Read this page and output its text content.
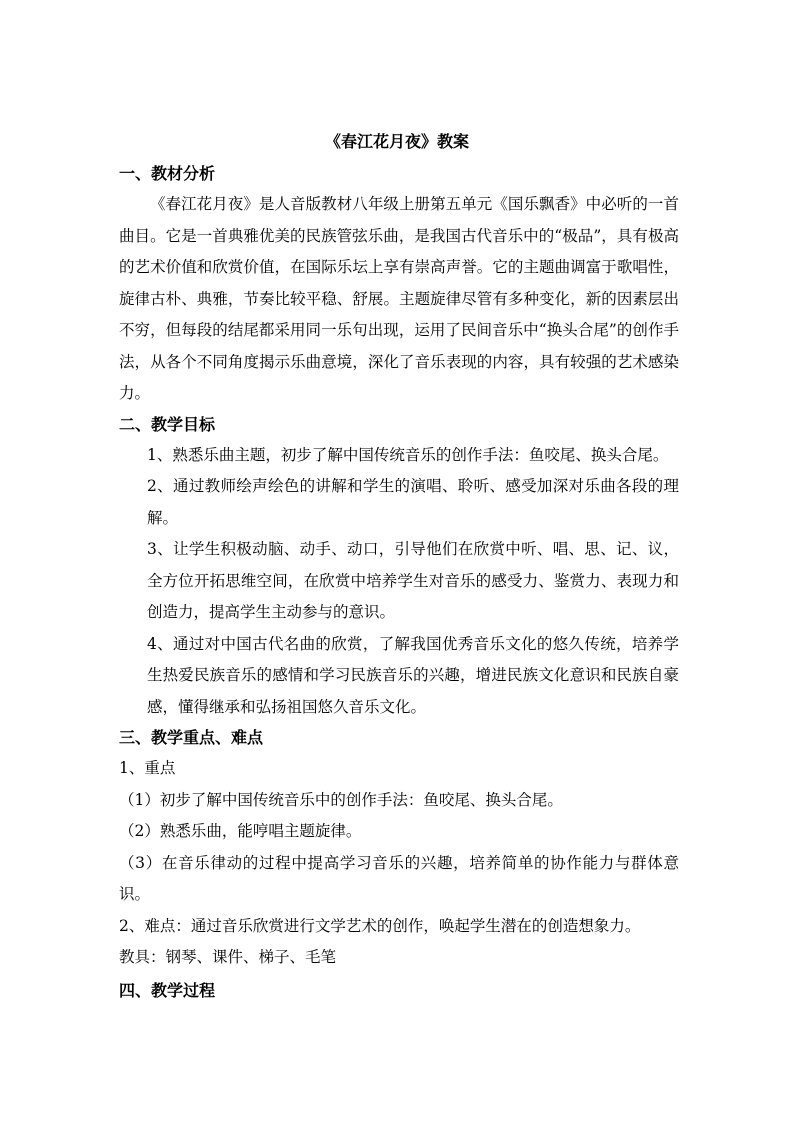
《春江花月夜》教案

一、教材分析

《春江花月夜》是人音版教材八年级上册第五单元《国乐飘香》中必听的一首曲目。它是一首典雅优美的民族管弦乐曲，是我国古代音乐中的“极品”，具有极高的艺术价值和欣赏价值，在国际乐坛上享有崇高声誉。它的主题曲调富于歌唱性，旋律古朴、典雅，节奏比较平稳、舒展。主题旋律尽管有多种变化，新的因素层出不穷，但每段的结尾都采用同一乐句出现，运用了民间音乐中“换头合尾”的创作手法，从各个不同角度揭示乐曲意境，深化了音乐表现的内容，具有较强的艺术感染力。

二、教学目标

1、熟悉乐曲主题，初步了解中国传统音乐的创作手法：鱼咬尾、换头合尾。

2、通过教师绘声绘色的讲解和学生的演唱、聆听、感受加深对乐曲各段的理解。

3、让学生积极动脑、动手、动口，引导他们在欣赏中听、唱、思、记、议，全方位开拓思维空间，在欣赏中培养学生对音乐的感受力、鉴赏力、表现力和创造力，提高学生主动参与的意识。

4、通过对中国古代名曲的欣赏，了解我国优秀音乐文化的悠久传统，培养学生热爱民族音乐的感情和学习民族音乐的兴趣，增进民族文化意识和民族自豪感，懂得继承和弘扬祖国悠久音乐文化。

三、教学重点、难点

1、重点

（1）初步了解中国传统音乐中的创作手法：鱼咬尾、换头合尾。

（2）熟悉乐曲，能哼唱主题旋律。

（3）在音乐律动的过程中提高学习音乐的兴趣，培养简单的协作能力与群体意识。

2、难点：通过音乐欣赏进行文学艺术的创作，唤起学生潜在的创造想象力。

教具：钢琴、课件、梯子、毛笔

四、教学过程
